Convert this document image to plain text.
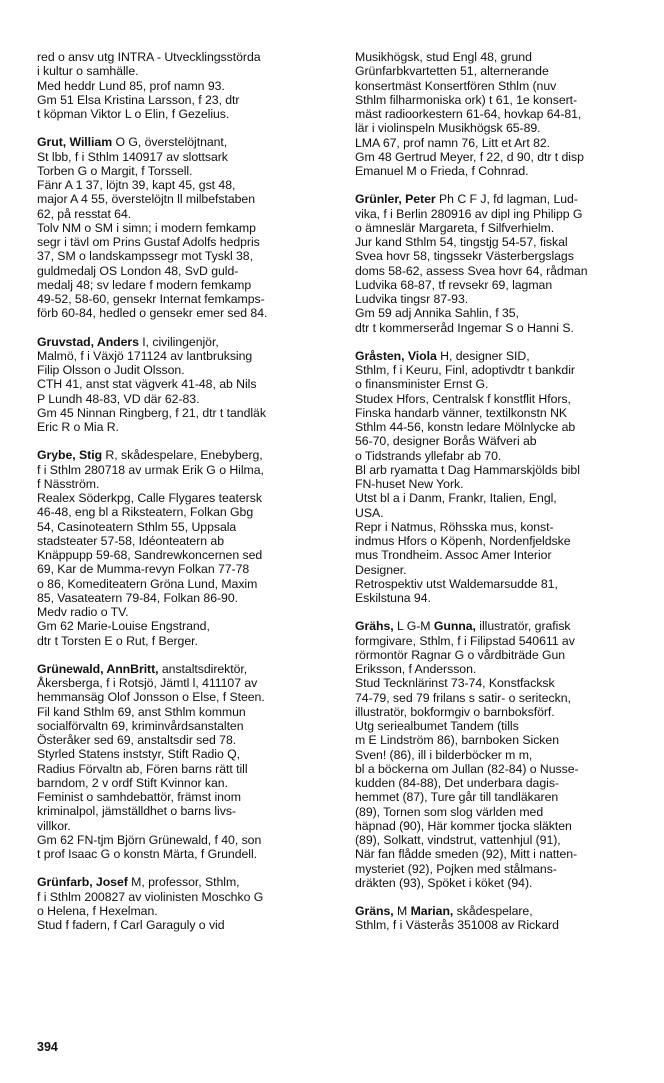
red o ansv utg INTRA - Utvecklingsstörda
i kultur o samhälle.
Med heddr Lund 85, prof namn 93.
Gm 51 Elsa Kristina Larsson, f 23, dtr
t köpman Viktor L o Elin, f Gezelius.
Grut, William O G, överstelöjtnant,
St lbb, f i Sthlm 140917 av slottsark
Torben G o Margit, f Torssell.
Fänr A 1 37, löjtn 39, kapt 45, gst 48,
major A 4 55, överstelöjtn ll milbefstaben
62, på resstat 64.
Tolv NM o SM i simn; i modern femkamp
segr i tävl om Prins Gustaf Adolfs hedpris
37, SM o landskampssegr mot Tyskl 38,
guldmedalj OS London 48, SvD guld-
medalj 48; sv ledare f modern femkamp
49-52, 58-60, gensekr Internat femkamps-
förb 60-84, hedled o gensekr emer sed 84.
Gruvstad, Anders I, civilingenjör,
Malmö, f i Växjö 171124 av lantbruksing
Filip Olsson o Judit Olsson.
CTH 41, anst stat vägverk 41-48, ab Nils
P Lundh 48-83, VD där 62-83.
Gm 45 Ninnan Ringberg, f 21, dtr t tandläk
Eric R o Mia R.
Grybe, Stig R, skådespelare, Enebyberg,
f i Sthlm 280718 av urmak Erik G o Hilma,
f Näsström.
Realex Söderkpg, Calle Flygares teatersk
46-48, eng bl a Riksteatern, Folkan Gbg
54, Casinoteatern Sthlm 55, Uppsala
stadsteater 57-58, Idéonteatern ab
Knäppupp 59-68, Sandrewkoncernen sed
69, Kar de Mumma-revyn Folkan 77-78
o 86, Komediteatern Gröna Lund, Maxim
85, Vasateatern 79-84, Folkan 86-90.
Medv radio o TV.
Gm 62 Marie-Louise Engstrand,
dtr t Torsten E o Rut, f Berger.
Grünewald, AnnBritt, anstaltsdirektör,
Åkersberga, f i Rotsjö, Jämtl l, 411107 av
hemmansäg Olof Jonsson o Else, f Steen.
Fil kand Sthlm 69, anst Sthlm kommun
socialförvaltn 69, kriminvårdsanstalten
Österåker sed 69, anstaltsdir sed 78.
Styrled Statens inststyr, Stift Radio Q,
Radius Förvaltn ab, Fören barns rätt till
barndom, 2 v ordf Stift Kvinnor kan.
Feminist o samhdebattör, främst inom
kriminalpol, jämställdhet o barns livs-
villkor.
Gm 62 FN-tjm Björn Grünewald, f 40, son
t prof Isaac G o konstn Märta, f Grundell.
Grünfarb, Josef M, professor, Sthlm,
f i Sthlm 200827 av violinisten Moschko G
o Helena, f Hexelman.
Stud f fadern, f Carl Garaguly o vid
Musikhögsk, stud Engl 48, grund
Grünfarbkvartetten 51, alternerande
konsertmäst Konsertfören Sthlm (nuv
Sthlm filharmoniska ork) t 61, 1e konsert-
mäst radioorkestern 61-64, hovkap 64-81,
lär i violinspeln Musikhögsk 65-89.
LMA 67, prof namn 76, Litt et Art 82.
Gm 48 Gertrud Meyer, f 22, d 90, dtr t disp
Emanuel M o Frieda, f Cohnrad.
Grünler, Peter Ph C F J, fd lagman, Lud-
vika, f i Berlin 280916 av dipl ing Philipp G
o ämneslär Margareta, f Silfverhielm.
Jur kand Sthlm 54, tingstjg 54-57, fiskal
Svea hovr 58, tingssekr Västerbergslags
doms 58-62, assess Svea hovr 64, rådman
Ludvika 68-87, tf revsekr 69, lagman
Ludvika tingsr 87-93.
Gm 59 adj Annika Sahlin, f 35,
dtr t kommerseråd Ingemar S o Hanni S.
Gråsten, Viola H, designer SID,
Sthlm, f i Keuru, Finl, adoptivdtr t bankdir
o finansminister Ernst G.
Studex Hfors, Centralsk f konstflit Hfors,
Finska handarb vänner, textilkonstn NK
Sthlm 44-56, konstn ledare Mölnlycke ab
56-70, designer Borås Wäfveri ab
o Tidstrands yllefabr ab 70.
Bl arb ryamatta t Dag Hammarskjölds bibl
FN-huset New York.
Utst bl a i Danm, Frankr, Italien, Engl,
USA.
Repr i Natmus, Röhsska mus, konst-
indmus Hfors o Köpenh, Nordenfjeldske
mus Trondheim. Assoc Amer Interior
Designer.
Retrospektiv utst Waldemarsudde 81,
Eskilstuna 94.
Grähs, L G-M Gunna, illustratör, grafisk
formgivare, Sthlm, f i Filipstad 540611 av
rörmontör Ragnar G o vårdbiträde Gun
Eriksson, f Andersson.
Stud Tecknlärinst 73-74, Konstfacksk
74-79, sed 79 frilans s satir- o seriteckn,
illustratör, bokformgiv o barnboksförf.
Utg seriealbumet Tandem (tills
m E Lindström 86), barnboken Sicken
Sven! (86), ill i bilderböcker m m,
bl a böckerna om Jullan (82-84) o Nusse-
kudden (84-88), Det underbara dagis-
hemmet (87), Ture går till tandläkaren
(89), Tornen som slog världen med
häpnad (90), Här kommer tjocka släkten
(89), Solkatt, vindstrut, vattenhjul (91),
När fan flådde smeden (92), Mitt i natten-
mysteriet (92), Pojken med stålmans-
dräkten (93), Spöket i köket (94).
Gräns, M Marian, skådespelare,
Sthlm, f i Västerås 351008 av Rickard
394
